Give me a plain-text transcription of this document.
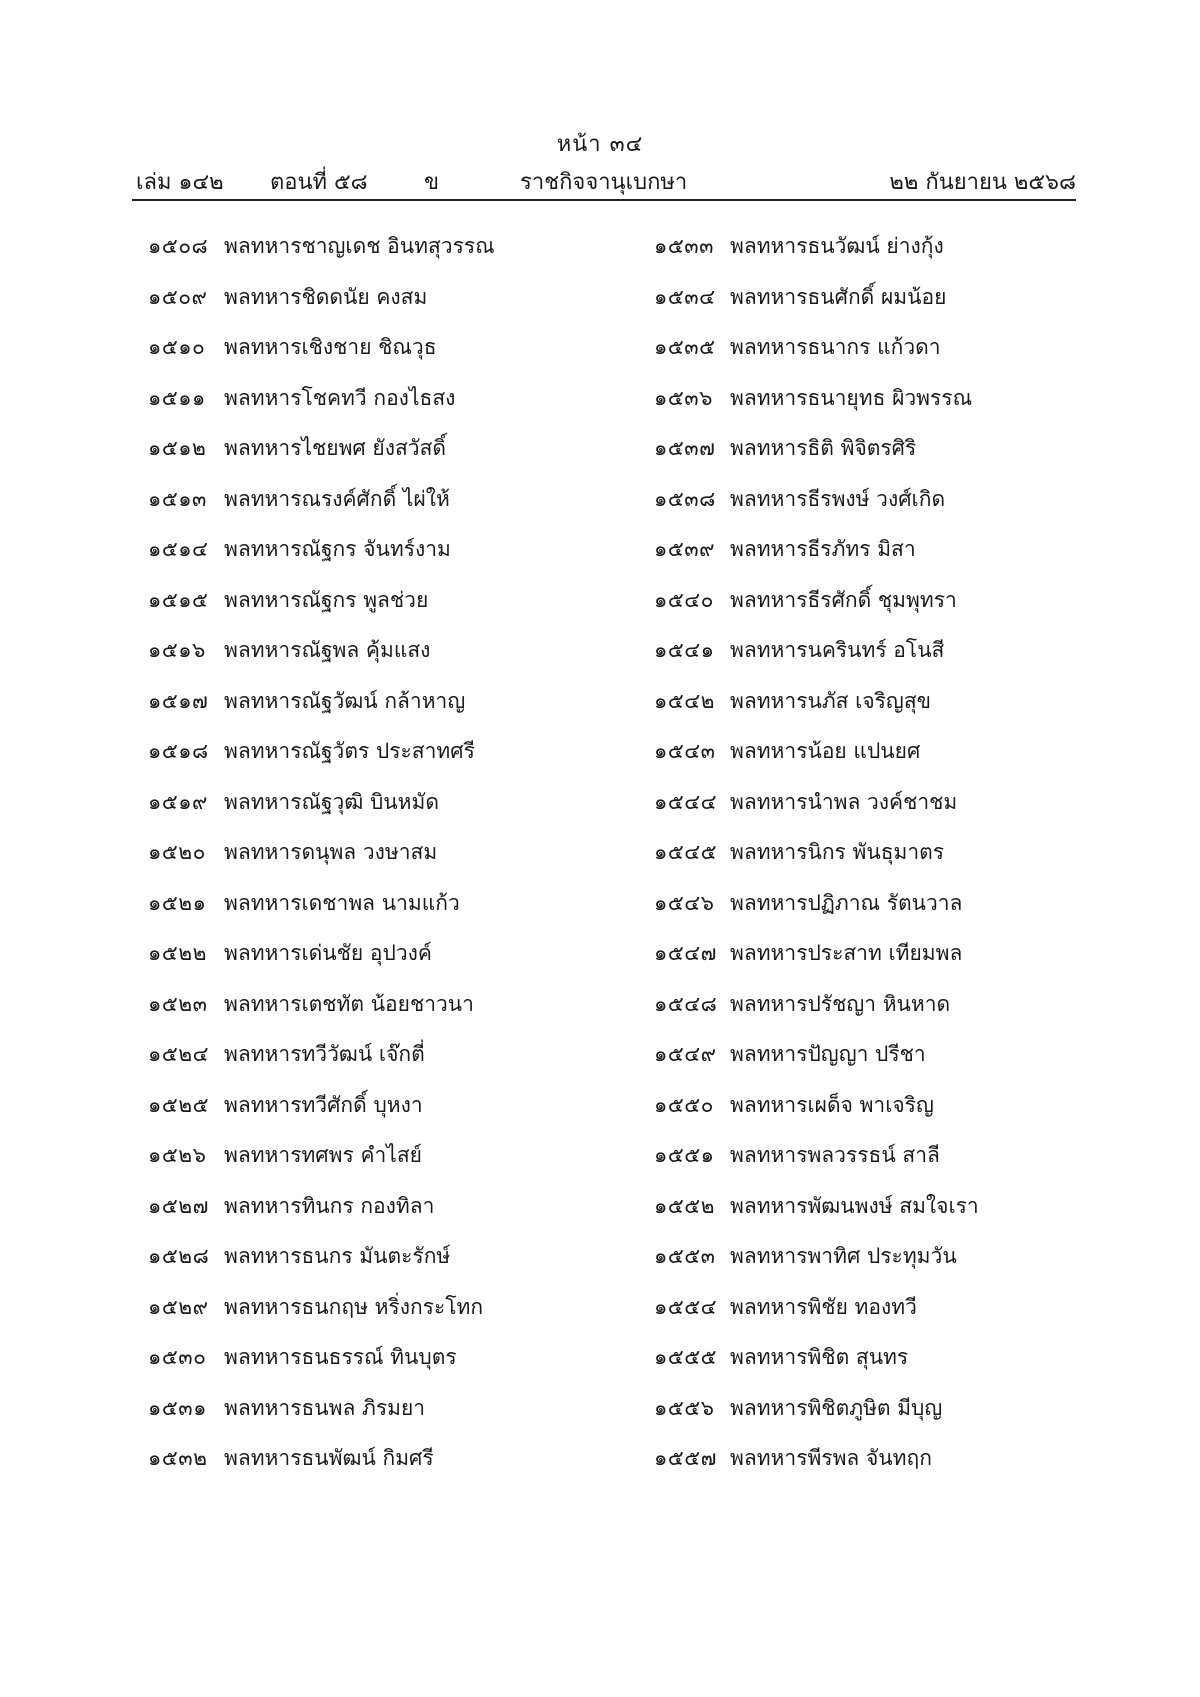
หน้า ๓๔
เล่ม ๑๔๒ ตอนที่ ๕๘	ข	ราชกิจจานุเบกษา	๒๒ กันยายน ๒๕๖๘
๑๕๐๘ พลทหารชาญเดช อินทสุวรรณ
๑๕๐๙ พลทหารชิดดนัย คงสม
๑๕๑๐ พลทหารเชิงชาย ชิณวุธ
๑๕๑๑ พลทหารโชคทวี กองไธสง
๑๕๑๒ พลทหารไชยพศ ยังสวัสดิ์
๑๕๑๓ พลทหารณรงค์ศักดิ์ ไผ่ให้
๑๕๑๔ พลทหารณัฐกร จันทร์งาม
๑๕๑๕ พลทหารณัฐกร พูลช่วย
๑๕๑๖ พลทหารณัฐพล คุ้มแสง
๑๕๑๗ พลทหารณัฐวัฒน์ กล้าหาญ
๑๕๑๘ พลทหารณัฐวัตร ประสาทศรี
๑๕๑๙ พลทหารณัฐวุฒิ บินหมัด
๑๕๒๐ พลทหารดนุพล วงษาสม
๑๕๒๑ พลทหารเดชาพล นามแก้ว
๑๕๒๒ พลทหารเด่นชัย อุปวงค์
๑๕๒๓ พลทหารเตชทัต น้อยชาวนา
๑๕๒๔ พลทหารทวีวัฒน์ เจ๊กตี่
๑๕๒๕ พลทหารทวีศักดิ์ บุหงา
๑๕๒๖ พลทหารทศพร คำไสย์
๑๕๒๗ พลทหารทินกร กองทิลา
๑๕๒๘ พลทหารธนกร มันตะรักษ์
๑๕๒๙ พลทหารธนกฤษ หริ่งกระโทก
๑๕๓๐ พลทหารธนธรรณ์ ทินบุตร
๑๕๓๑ พลทหารธนพล ภิรมยา
๑๕๓๒ พลทหารธนพัฒน์ กิมศรี
๑๕๓๓ พลทหารธนวัฒน์ ย่างกุ้ง
๑๕๓๔ พลทหารธนศักดิ์ ผมน้อย
๑๕๓๕ พลทหารธนากร แก้วดา
๑๕๓๖ พลทหารธนายุทธ ผิวพรรณ
๑๕๓๗ พลทหารธิติ พิจิตรศิริ
๑๕๓๘ พลทหารธีรพงษ์ วงศ์เกิด
๑๕๓๙ พลทหารธีรภัทร มิสา
๑๕๔๐ พลทหารธีรศักดิ์ ชุมพุทรา
๑๕๔๑ พลทหารนครินทร์ อโนสี
๑๕๔๒ พลทหารนภัส เจริญสุข
๑๕๔๓ พลทหารน้อย แปนยศ
๑๕๔๔ พลทหารนำพล วงค์ชาชม
๑๕๔๕ พลทหารนิกร พันธุมาตร
๑๕๔๖ พลทหารปฏิภาณ รัตนวาล
๑๕๔๗ พลทหารประสาท เทียมพล
๑๕๔๘ พลทหารปรัชญา หินหาด
๑๕๔๙ พลทหารปัญญา ปรีชา
๑๕๕๐ พลทหารเผด็จ พาเจริญ
๑๕๕๑ พลทหารพลวรรธน์ สาลี
๑๕๕๒ พลทหารพัฒนพงษ์ สมใจเรา
๑๕๕๓ พลทหารพาทิศ ประทุมวัน
๑๕๕๔ พลทหารพิชัย ทองทวี
๑๕๕๕ พลทหารพิชิต สุนทร
๑๕๕๖ พลทหารพิชิตภูษิต มีบุญ
๑๕๕๗ พลทหารพีรพล จันทฤก
